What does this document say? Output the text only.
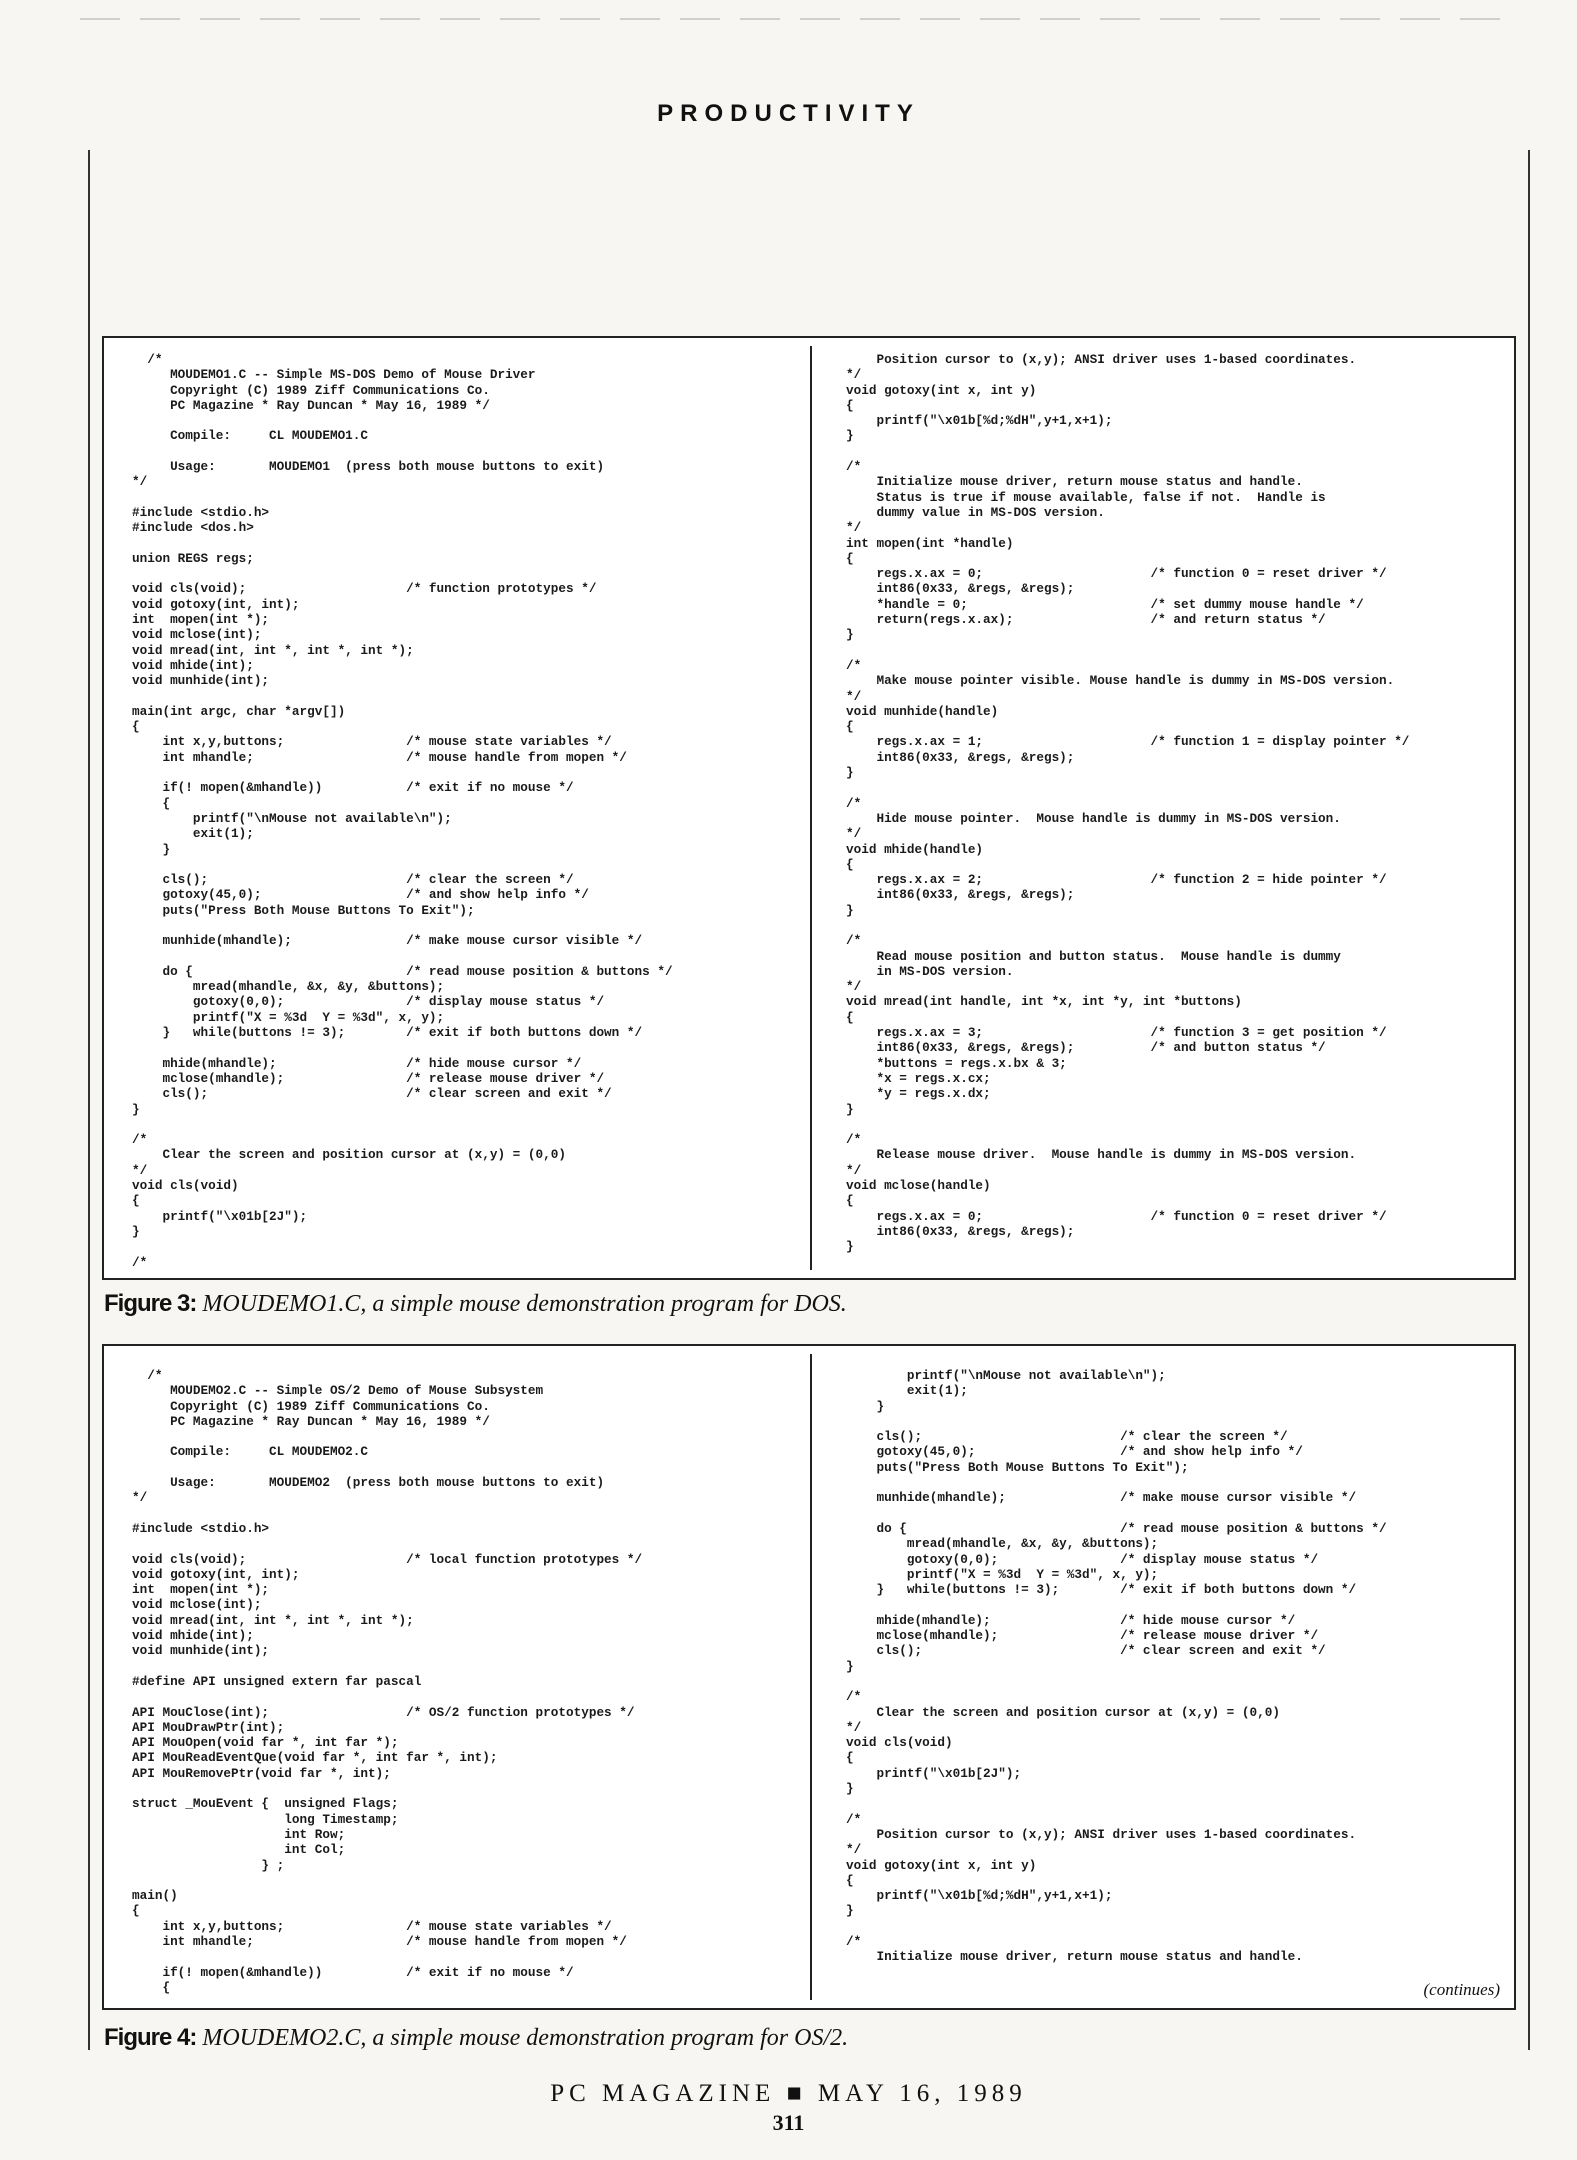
PRODUCTIVITY
/*
MOUDEMO1.C -- Simple MS-DOS Demo of Mouse Driver
Copyright (C) 1989 Ziff Communications Co.
PC Magazine * Ray Duncan * May 16, 1989 */

Compile:     CL MOUDEMO1.C

Usage:       MOUDEMO1  (press both mouse buttons to exit)
*/

#include <stdio.h>
#include <dos.h>

union REGS regs;

void cls(void);                     /* function prototypes */
void gotoxy(int, int);
int  mopen(int *);
void mclose(int);
void mread(int, int *, int *, int *);
void mhide(int);
void munhide(int);

main(int argc, char *argv[])
{
int x,y,buttons;                /* mouse state variables */
int mhandle;                    /* mouse handle from mopen */

if(! mopen(&mhandle))           /* exit if no mouse */
{
printf("\nMouse not available\n");
exit(1);
}

cls();                          /* clear the screen */
gotoxy(45,0);                   /* and show help info */
puts("Press Both Mouse Buttons To Exit");

munhide(mhandle);               /* make mouse cursor visible */

do {                            /* read mouse position & buttons */
mread(mhandle, &x, &y, &buttons);
gotoxy(0,0);                /* display mouse status */
printf("X = %3d  Y = %3d", x, y);
}   while(buttons != 3);        /* exit if both buttons down */

mhide(mhandle);                 /* hide mouse cursor */
mclose(mhandle);                /* release mouse driver */
cls();                          /* clear screen and exit */
}

/*
Clear the screen and position cursor at (x,y) = (0,0)
*/
void cls(void)
{
printf("\x01b[2J");
}

/*
Position cursor to (x,y); ANSI driver uses 1-based coordinates.
*/
void gotoxy(int x, int y)
{
printf("\x01b[%d;%dH",y+1,x+1);
}

/*
Initialize mouse driver, return mouse status and handle.
Status is true if mouse available, false if not.  Handle is
dummy value in MS-DOS version.
*/
int mopen(int *handle)
{
regs.x.ax = 0;                      /* function 0 = reset driver */
int86(0x33, &regs, &regs);
*handle = 0;                        /* set dummy mouse handle */
return(regs.x.ax);                  /* and return status */
}

/*
Make mouse pointer visible. Mouse handle is dummy in MS-DOS version.
*/
void munhide(handle)
{
regs.x.ax = 1;                      /* function 1 = display pointer */
int86(0x33, &regs, &regs);
}

/*
Hide mouse pointer.  Mouse handle is dummy in MS-DOS version.
*/
void mhide(handle)
{
regs.x.ax = 2;                      /* function 2 = hide pointer */
int86(0x33, &regs, &regs);
}

/*
Read mouse position and button status.  Mouse handle is dummy
in MS-DOS version.
*/
void mread(int handle, int *x, int *y, int *buttons)
{
regs.x.ax = 3;                      /* function 3 = get position */
int86(0x33, &regs, &regs);          /* and button status */
*buttons = regs.x.bx & 3;
*x = regs.x.cx;
*y = regs.x.dx;
}

/*
Release mouse driver.  Mouse handle is dummy in MS-DOS version.
*/
void mclose(handle)
{
regs.x.ax = 0;                      /* function 0 = reset driver */
int86(0x33, &regs, &regs);
}
Figure 3: MOUDEMO1.C, a simple mouse demonstration program for DOS.
/*
MOUDEMO2.C -- Simple OS/2 Demo of Mouse Subsystem
Copyright (C) 1989 Ziff Communications Co.
PC Magazine * Ray Duncan * May 16, 1989 */

Compile:     CL MOUDEMO2.C

Usage:       MOUDEMO2  (press both mouse buttons to exit)
*/

#include <stdio.h>

void cls(void);                     /* local function prototypes */
void gotoxy(int, int);
int  mopen(int *);
void mclose(int);
void mread(int, int *, int *, int *);
void mhide(int);
void munhide(int);

#define API unsigned extern far pascal

API MouClose(int);                  /* OS/2 function prototypes */
API MouDrawPtr(int);
API MouOpen(void far *, int far *);
API MouReadEventQue(void far *, int far *, int);
API MouRemovePtr(void far *, int);

struct _MouEvent {  unsigned Flags;
long Timestamp;
int Row;
int Col;
} ;

main()
{
int x,y,buttons;                /* mouse state variables */
int mhandle;                    /* mouse handle from mopen */

if(! mopen(&mhandle))           /* exit if no mouse */
{
printf("\nMouse not available\n");
exit(1);
}

cls();                          /* clear the screen */
gotoxy(45,0);                   /* and show help info */
puts("Press Both Mouse Buttons To Exit");

munhide(mhandle);               /* make mouse cursor visible */

do {                            /* read mouse position & buttons */
mread(mhandle, &x, &y, &buttons);
gotoxy(0,0);                /* display mouse status */
printf("X = %3d  Y = %3d", x, y);
}   while(buttons != 3);        /* exit if both buttons down */

mhide(mhandle);                 /* hide mouse cursor */
mclose(mhandle);                /* release mouse driver */
cls();                          /* clear screen and exit */
}

/*
Clear the screen and position cursor at (x,y) = (0,0)
*/
void cls(void)
{
printf("\x01b[2J");
}

/*
Position cursor to (x,y); ANSI driver uses 1-based coordinates.
*/
void gotoxy(int x, int y)
{
printf("\x01b[%d;%dH",y+1,x+1);
}

/*
Initialize mouse driver, return mouse status and handle.
(continues)
Figure 4: MOUDEMO2.C, a simple mouse demonstration program for OS/2.
PC MAGAZINE ■ MAY 16, 1989
311
